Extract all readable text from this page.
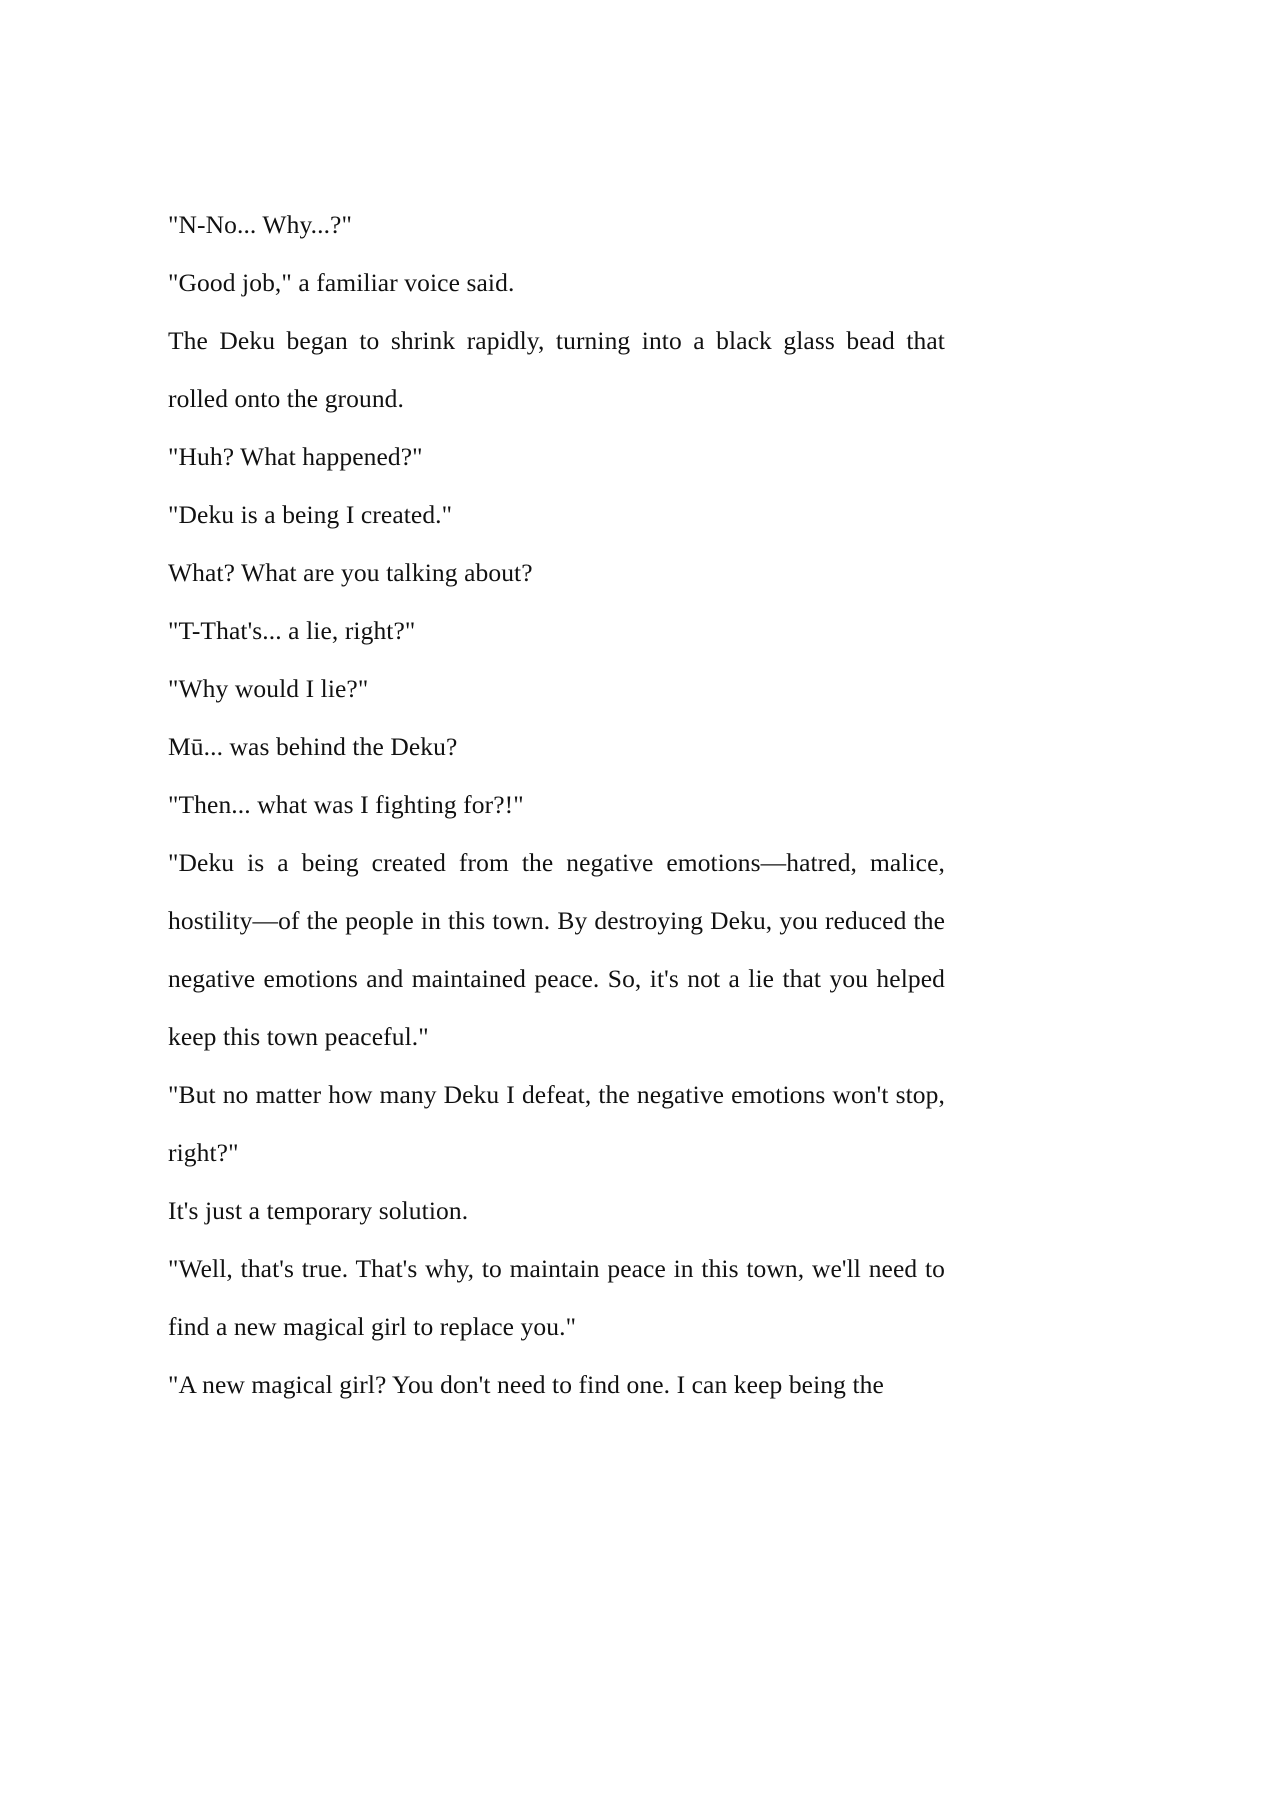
"N-No... Why...?"

"Good job," a familiar voice said.

The Deku began to shrink rapidly, turning into a black glass bead that rolled onto the ground.

"Huh? What happened?"

"Deku is a being I created."

What? What are you talking about?

"T-That's... a lie, right?"

"Why would I lie?"

Mū... was behind the Deku?

"Then... what was I fighting for?!"

"Deku is a being created from the negative emotions—hatred, malice, hostility—of the people in this town. By destroying Deku, you reduced the negative emotions and maintained peace. So, it's not a lie that you helped keep this town peaceful."

"But no matter how many Deku I defeat, the negative emotions won't stop, right?"

It's just a temporary solution.

"Well, that's true. That's why, to maintain peace in this town, we'll need to find a new magical girl to replace you."

"A new magical girl? You don't need to find one. I can keep being the
